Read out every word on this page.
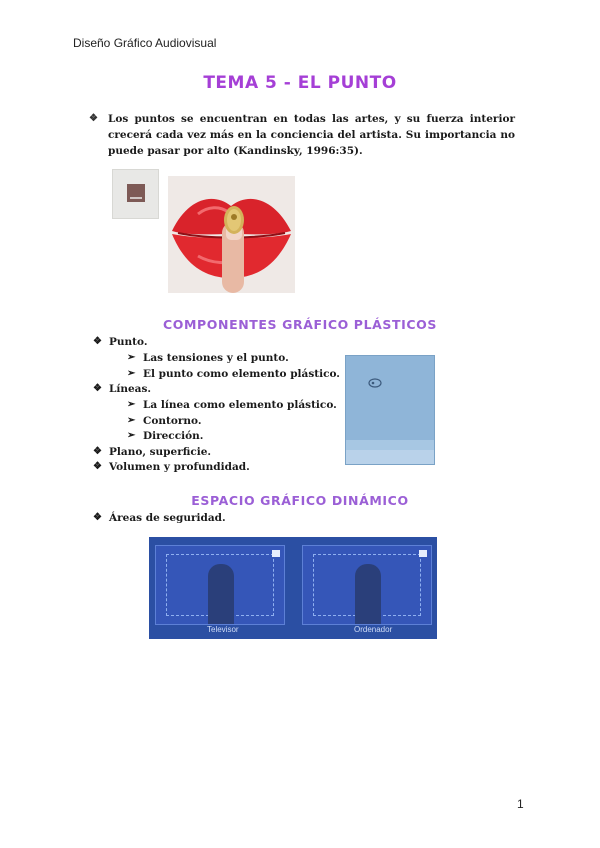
Diseño Gráfico Audiovisual
TEMA 5 - EL PUNTO
❖ Los puntos se encuentran en todas las artes, y su fuerza interior crecerá cada vez más en la conciencia del artista. Su importancia no puede pasar por alto (Kandinsky, 1996:35).
COMPONENTES GRÁFICO PLÁSTICOS
❖ Punto.
➢ Las tensiones y el punto.
➢ El punto como elemento plástico.
❖ Líneas.
➢ La línea como elemento plástico.
➢ Contorno.
➢ Dirección.
❖ Plano, superficie.
❖ Volumen y profundidad.
ESPACIO GRÁFICO DINÁMICO
❖ Áreas de seguridad.
Televisor	Ordenador
1
